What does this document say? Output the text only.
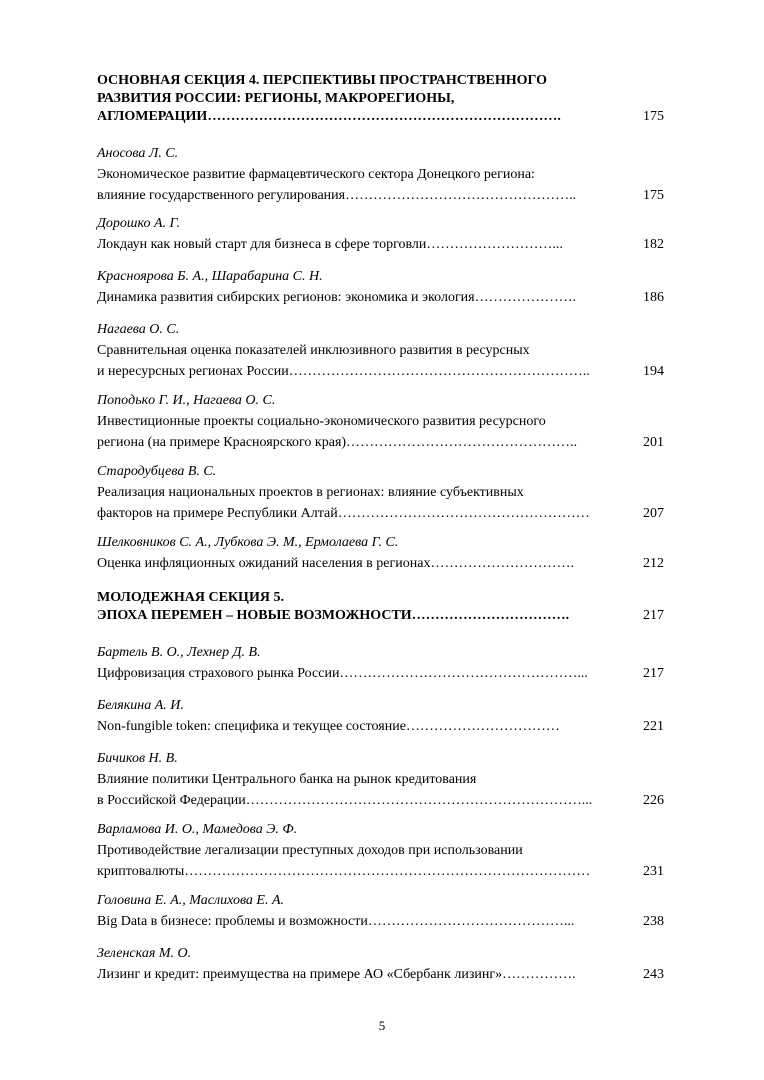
ОСНОВНАЯ СЕКЦИЯ 4. ПЕРСПЕКТИВЫ ПРОСТРАНСТВЕННОГО
РАЗВИТИЯ РОССИИ: РЕГИОНЫ, МАКРОРЕГИОНЫ,
АГЛОМЕРАЦИИ………………………………………………………………….	175
Аносова Л. С.
Экономическое развитие фармацевтического сектора Донецкого региона:
влияние государственного регулирования…………………………………………..	175
Дорошко А. Г.
Локдаун как новый старт для бизнеса в сфере торговли………………………...	182
Красноярова Б. А., Шарабарина С. Н.
Динамика развития сибирских регионов: экономика и экология………………….	186
Нагаева О. С.
Сравнительная оценка показателей инклюзивного развития в ресурсных
и нересурсных регионах России………………………………………………………..	194
Пoпoдькo Г. И., Нагаева О. С.
Инвестиционные проекты социально-экономического развития ресурсного
региона (на примере Красноярского края)…………………………………………..	201
Стародубцева В. С.
Реализация национальных проектов в регионах: влияние субъективных
факторов на примере Республики Алтай………………………………………………	207
Шелковников С. А., Лубкова Э. М., Ермолаева Г. С.
Оценка инфляционных ожиданий населения в регионах………………………….	212
МОЛОДЕЖНАЯ СЕКЦИЯ 5.
ЭПОХА ПЕРЕМЕН – НОВЫЕ ВОЗМОЖНОСТИ…………………………….	217
Бартель В. О., Лехнер Д. В.
Цифровизация страхового рынка России……………………………………………...	217
Белякина А. И.
Non-fungible token: специфика и текущее состояние……………………………	221
Бичиков Н. В.
Влияние политики Центрального банка на рынок кредитования
в Российской Федерации………………………………………………………………...	226
Варламова И. О., Мамедова Э. Ф.
Противодействие легализации преступных доходов при использовании
криптовалюты……………………………………………………………………………	231
Головина Е. А., Маслихова Е. А.
Big Data в бизнесе: проблемы и возможности……………………………………...	238
Зеленская М. О.
Лизинг и кредит: преимущества на примере АО «Сбербанк лизинг»…………….	243
5
